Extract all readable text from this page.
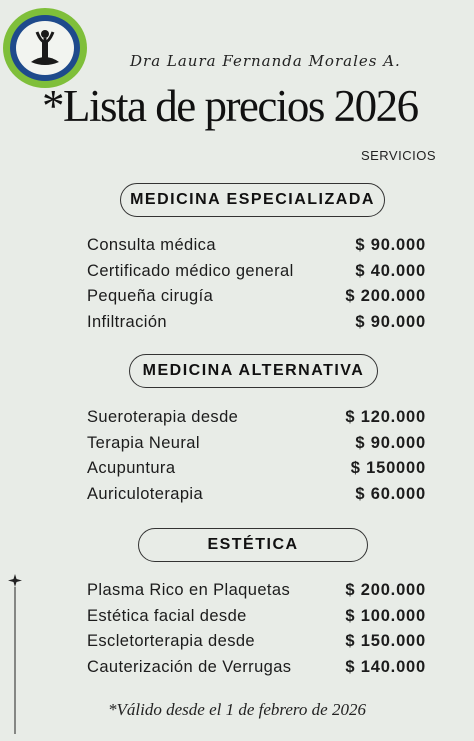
Dra Laura Fernanda Morales A.
*Lista de precios 2026
SERVICIOS
MEDICINA ESPECIALIZADA
Consulta médica	$ 90.000
Certificado médico general	$ 40.000
Pequeña cirugía	$ 200.000
Infiltración	$ 90.000
MEDICINA ALTERNATIVA
Sueroterapia desde	$ 120.000
Terapia Neural	$ 90.000
Acupuntura	$ 150000
Auriculoterapia	$ 60.000
ESTÉTICA
Plasma Rico en Plaquetas	$ 200.000
Estética facial desde	$ 100.000
Escletorterapia desde	$ 150.000
Cauterización de Verrugas	$ 140.000
*Válido desde el 1 de febrero de 2026
